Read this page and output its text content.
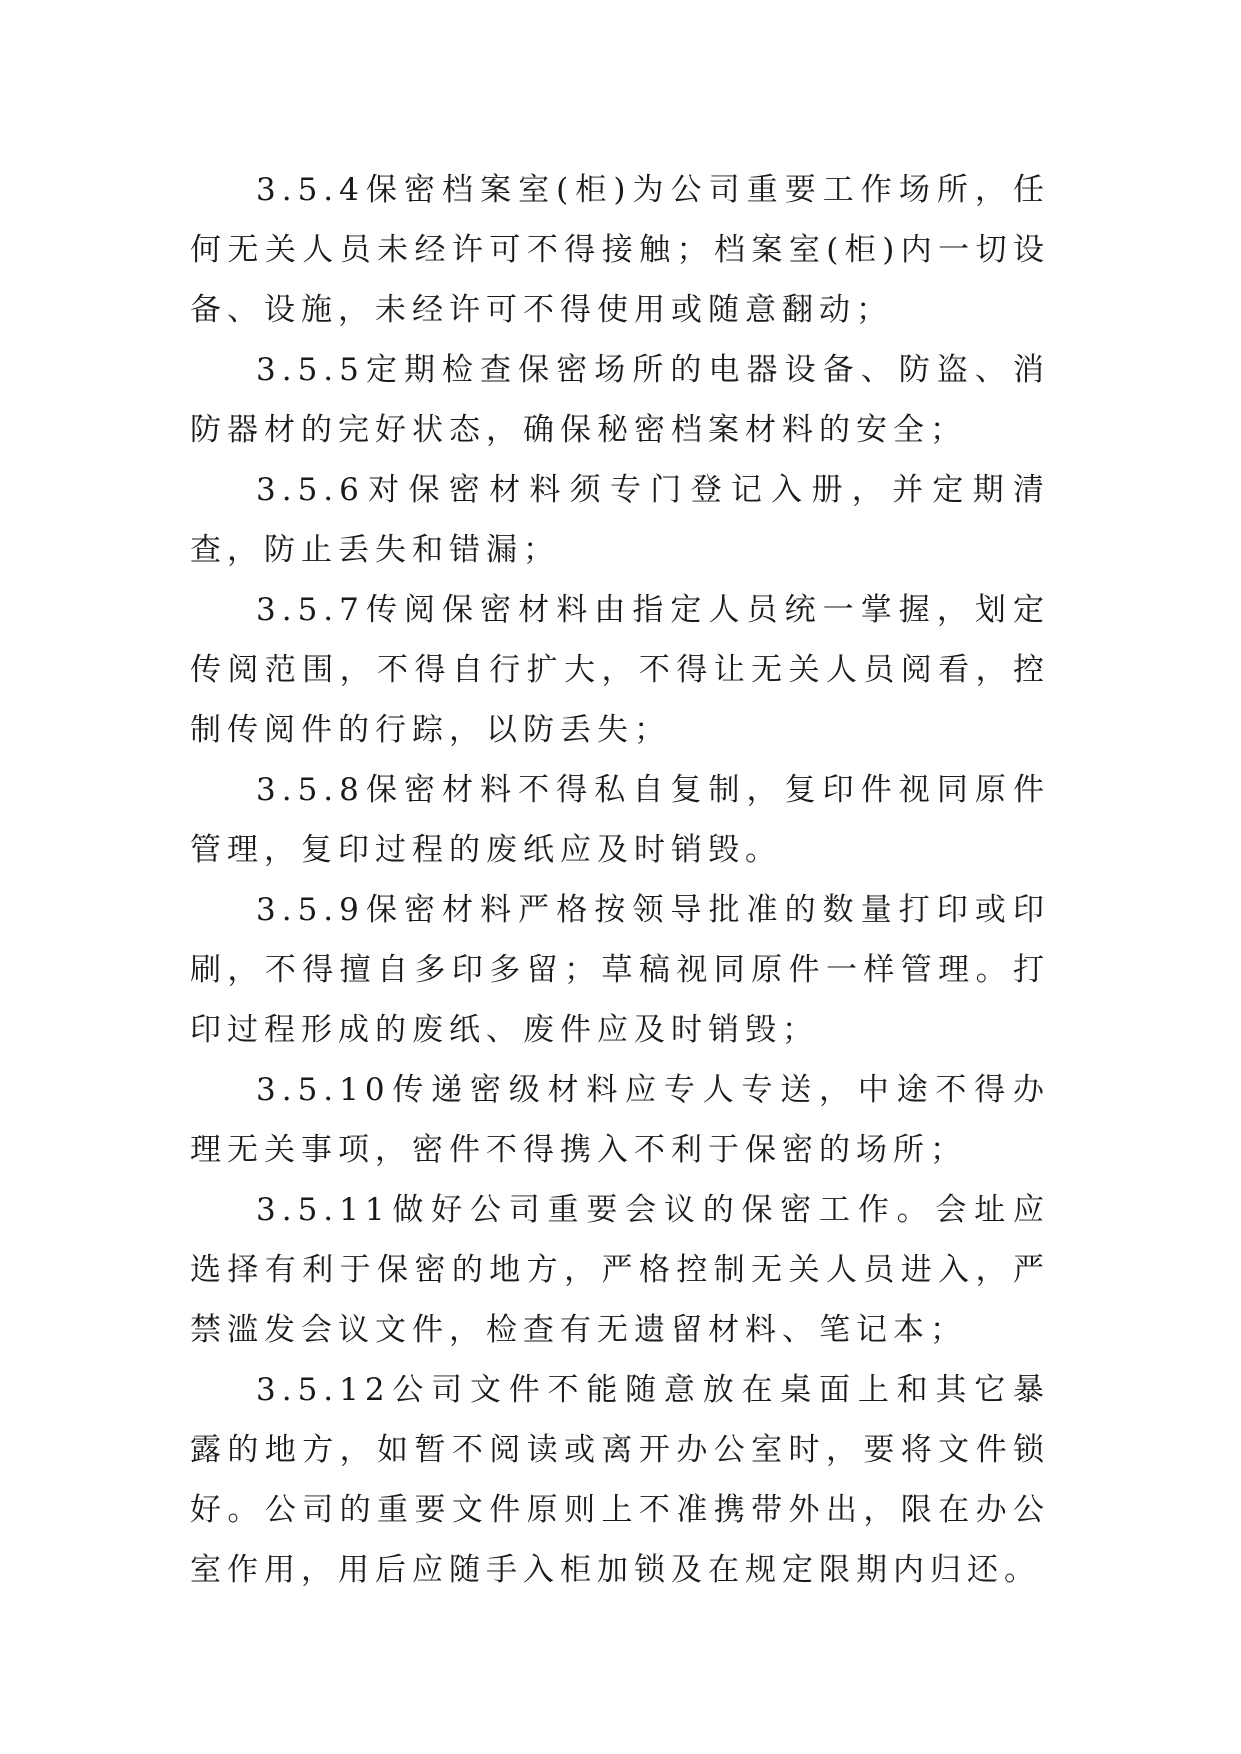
3.5.4保密档案室(柜)为公司重要工作场所，任何无关人员未经许可不得接触；档案室(柜)内一切设备、设施，未经许可不得使用或随意翻动；

3.5.5定期检查保密场所的电器设备、防盗、消防器材的完好状态，确保秘密档案材料的安全；

3.5.6对保密材料须专门登记入册，并定期清查，防止丢失和错漏；

3.5.7传阅保密材料由指定人员统一掌握，划定传阅范围，不得自行扩大，不得让无关人员阅看，控制传阅件的行踪，以防丢失；

3.5.8保密材料不得私自复制，复印件视同原件管理，复印过程的废纸应及时销毁。

3.5.9保密材料严格按领导批准的数量打印或印刷，不得擅自多印多留；草稿视同原件一样管理。打印过程形成的废纸、废件应及时销毁；

3.5.10传递密级材料应专人专送，中途不得办理无关事项，密件不得携入不利于保密的场所；

3.5.11做好公司重要会议的保密工作。会址应选择有利于保密的地方，严格控制无关人员进入，严禁滥发会议文件，检查有无遗留材料、笔记本；

3.5.12公司文件不能随意放在桌面上和其它暴露的地方，如暂不阅读或离开办公室时，要将文件锁好。公司的重要文件原则上不准携带外出，限在办公室作用，用后应随手入柜加锁及在规定限期内归还。
